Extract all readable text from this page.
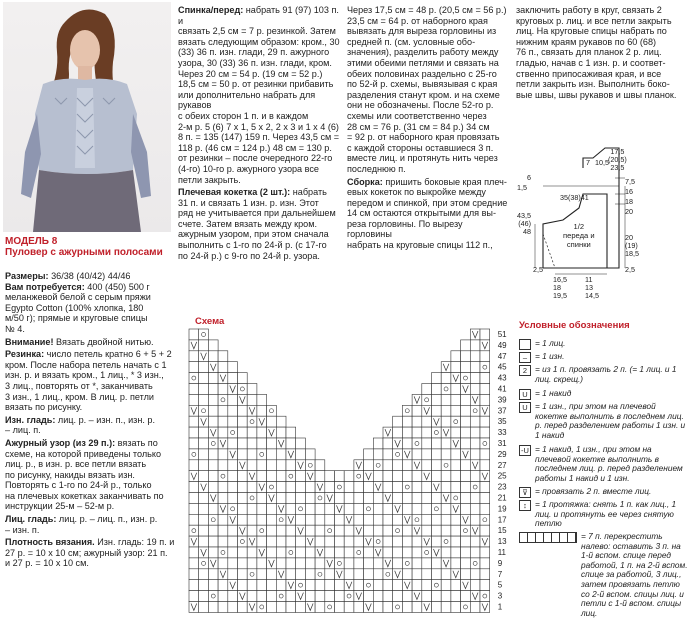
МОДЕЛЬ 8
Пуловер с ажурными полосами
Размеры: 36/38 (40/42) 44/46
Вам потребуется: 400 (450) 500 г
меланжевой белой с серым пряжи
Egypto Cotton (100% хлопка, 180
м/50 г); прямые и круговые спицы
№ 4.
Внимание! Вязать двойной нитью.
Резинка: число петель кратно 6 + 5 + 2
кром. После набора петель начать с 1
изн. р. и вязать кром., 1 лиц., * 3 изн.,
3 лиц., повторять от *, заканчивать
3 изн., 1 лиц., кром. В лиц. р. петли
вязать по рисунку.
Изн. гладь: лиц. р. – изн. п., изн. р.
– лиц. п.
Ажурный узор (из 29 п.): вязать по
схеме, на которой приведены только
лиц. р., в изн. р. все петли вязать
по рисунку, накиды вязать изн.
Повторять с 1-го по 24-й р., только
на плечевых кокетках заканчивать по
инструкции 25-м – 52-м р.
Лиц. гладь: лиц. р. – лиц. п., изн. р.
– изн. п.
Плотность вязания. Изн. гладь: 19 п. и
27 р. = 10 х 10 см; ажурный узор: 21 п.
и 27 р. = 10 х 10 см.
Спинка/перед: набрать 91 (97) 103 п. и
связать 2,5 см = 7 р. резинкой. Затем
вязать следующим образом: кром., 30
(33) 36 п. изн. глади, 29 п. ажурного
узора, 30 (33) 36 п. изн. глади, кром.
Через 20 см = 54 р. (19 см = 52 р.)
18,5 см = 50 р. от резинки прибавить
или дополнительно набрать для рукавов
с обеих сторон 1 п. и в каждом
2-м р. 5 (6) 7 х 1, 5 х 2, 2 х 3 и 1 х 4 (6)
8 п. = 135 (147) 159 п. Через 43,5 см =
118 р. (46 см = 124 р.) 48 см = 130 р.
от резинки – после очередного 22-го
(4-го) 10-го р. ажурного узора все
петли закрыть.
Плечевая кокетка (2 шт.): набрать
31 п. и связать 1 изн. р. изн. Этот
ряд не учитывается при дальнейшем
счете. Затем вязать между кром.
ажурным узором, при этом сначала
выполнить с 1-го по 24-й р. (с 17-го
по 24-й р.) с 9-го по 24-й р. узора.
Через 17,5 см = 48 р. (20,5 см = 56 р.)
23,5 см = 64 р. от наборного края
вывязать для выреза горловины из
средней п. (см. условные обо-
значения), разделить работу между
этими обеими петлями и связать на
обеих половинах раздельно с 25-го
по 52-й р. схемы, вывязывая с края
разделения станут кром. и на схеме
они не обозначены. После 52-го р.
схемы или соответственно через
28 см = 76 р. (31 см = 84 р.) 34 см
= 92 р. от наборного края провязать
с каждой стороны оставшиеся 3 п.
вместе лиц. и протянуть нить через
последнюю п.
Сборка: пришить боковые края плеч-
евых кокеток по выкройке между
передом и спинкой, при этом средние
14 см остаются открытыми для вы-
реза горловины. По вырезу горловины
набрать на круговые спицы 112 п.,
заключить работу в круг, связать 2
круговых р. лиц. и все петли закрыть
лиц. На круговые спицы набрать по
нижним краям рукавов по 60 (68)
76 п., связать для планок 2 р. лиц.
гладью, начав с 1 изн. р. и соответ-
ственно припосаживая края, и все
петли закрыть изн. Выполнить боко-
вые швы, швы рукавов и швы планок.
17,5
(20,5)
23,5
7 10,5
6
1,5
35(38)41
7,5
16
18
20
43,5
(46)
48
1/2
переда и
спинки
20
(19)
18,5
2,5
16,5
18
19,5
11
13
14,5
2,5
Схема
51
49
47
45
43
41
39
37
35
33
31
29
27
25
23
21
19
17
15
13
11
9
7
5
3
1
Условные обозначения
= 1 лиц.
– = 1 изн.
2 = из 1 п. провязать 2 п. (= 1 лиц. и 1 лиц. скрещ.)
U = 1 накид
U = 1 изн., при этом на плечевой кокетке выполнить в последнем лиц. р. перед разделением работы 1 изн. и 1 накид
-U = 1 накид, 1 изн., при этом на плечевой кокетке выполнить в последнем лиц. р. перед разделением работы 1 накид и 1 изн.
⊽ = провязать 2 п. вместе лиц.
↕ = 1 протяжка: снять 1 п. как лиц., 1 лиц. и протянуть ее через снятую петлю
= 7 п. перекрестить налево: оставить 3 п. на 1-й вспом. спице перед работой, 1 п. на 2-й вспом. спице за работой, 3 лиц., затем провязать петлю со 2-й вспом. спицы лиц. и петли с 1-й вспом. спицы лиц.
